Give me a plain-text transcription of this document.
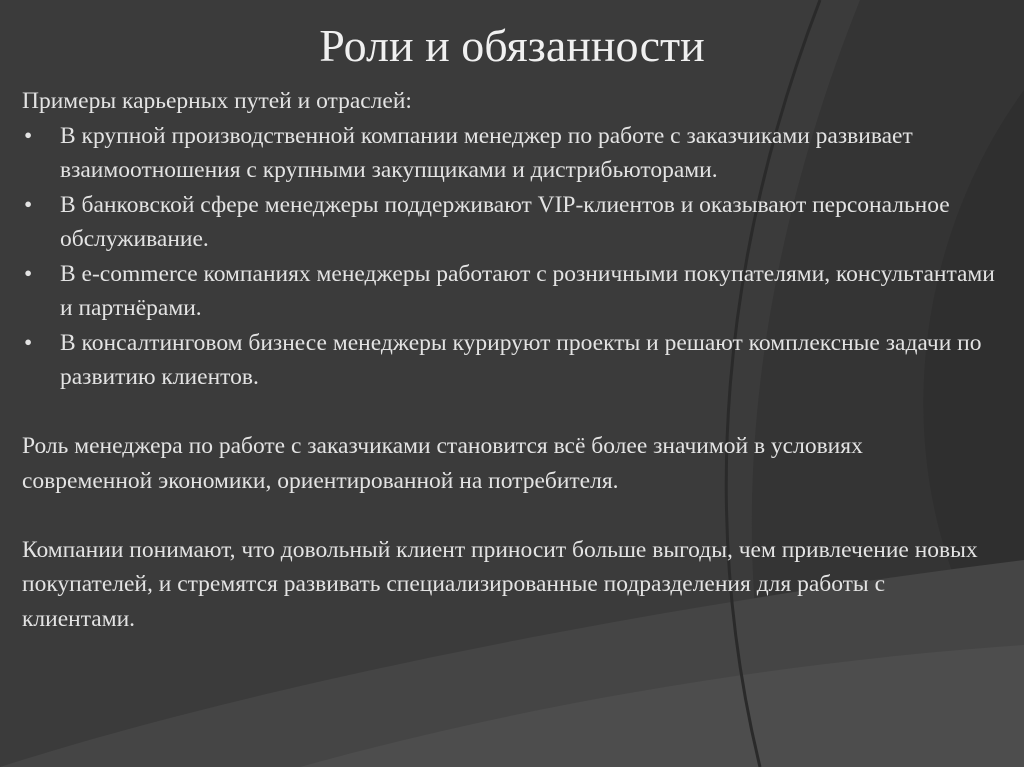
Роли и обязанности

Примеры карьерных путей и отраслей:

• В крупной производственной компании менеджер по работе с заказчиками развивает взаимоотношения с крупными закупщиками и дистрибьюторами.
• В банковской сфере менеджеры поддерживают VIP-клиентов и оказывают персональное обслуживание.
• В e-commerce компаниях менеджеры работают с розничными покупателями, консультантами и партнёрами.
• В консалтинговом бизнесе менеджеры курируют проекты и решают комплексные задачи по развитию клиентов.

Роль менеджера по работе с заказчиками становится всё более значимой в условиях современной экономики, ориентированной на потребителя.

Компании понимают, что довольный клиент приносит больше выгоды, чем привлечение новых покупателей, и стремятся развивать специализированные подразделения для работы с клиентами.
